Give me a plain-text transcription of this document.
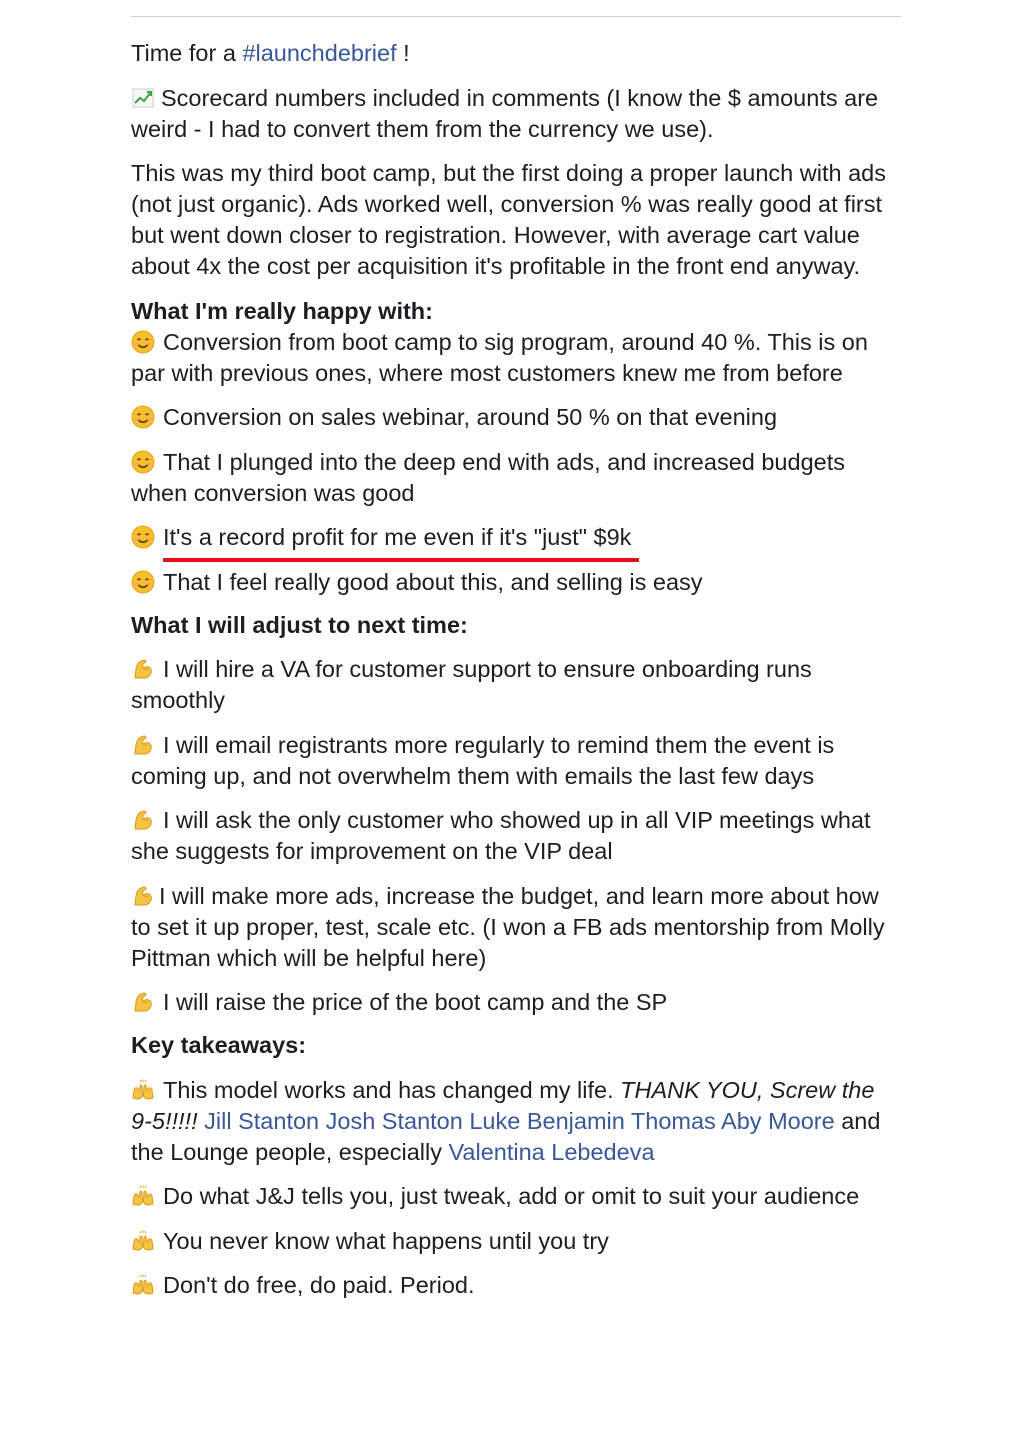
Time for a #launchdebrief !

Scorecard numbers included in comments (I know the $ amounts are weird - I had to convert them from the currency we use).

This was my third boot camp, but the first doing a proper launch with ads (not just organic). Ads worked well, conversion % was really good at first but went down closer to registration. However, with average cart value about 4x the cost per acquisition it's profitable in the front end anyway.

What I'm really happy with:

Conversion from boot camp to sig program, around 40 %. This is on par with previous ones, where most customers knew me from before

Conversion on sales webinar, around 50 % on that evening

That I plunged into the deep end with ads, and increased budgets when conversion was good

It's a record profit for me even if it's "just" $9k

That I feel really good about this, and selling is easy

What I will adjust to next time:

I will hire a VA for customer support to ensure onboarding runs smoothly

I will email registrants more regularly to remind them the event is coming up, and not overwhelm them with emails the last few days

I will ask the only customer who showed up in all VIP meetings what she suggests for improvement on the VIP deal

I will make more ads, increase the budget, and learn more about how to set it up proper, test, scale etc. (I won a FB ads mentorship from Molly Pittman which will be helpful here)

I will raise the price of the boot camp and the SP

Key takeaways:

This model works and has changed my life. THANK YOU, Screw the 9-5!!!!! Jill Stanton Josh Stanton Luke Benjamin Thomas Aby Moore and the Lounge people, especially Valentina Lebedeva

Do what J&J tells you, just tweak, add or omit to suit your audience

You never know what happens until you try

Don't do free, do paid. Period.
